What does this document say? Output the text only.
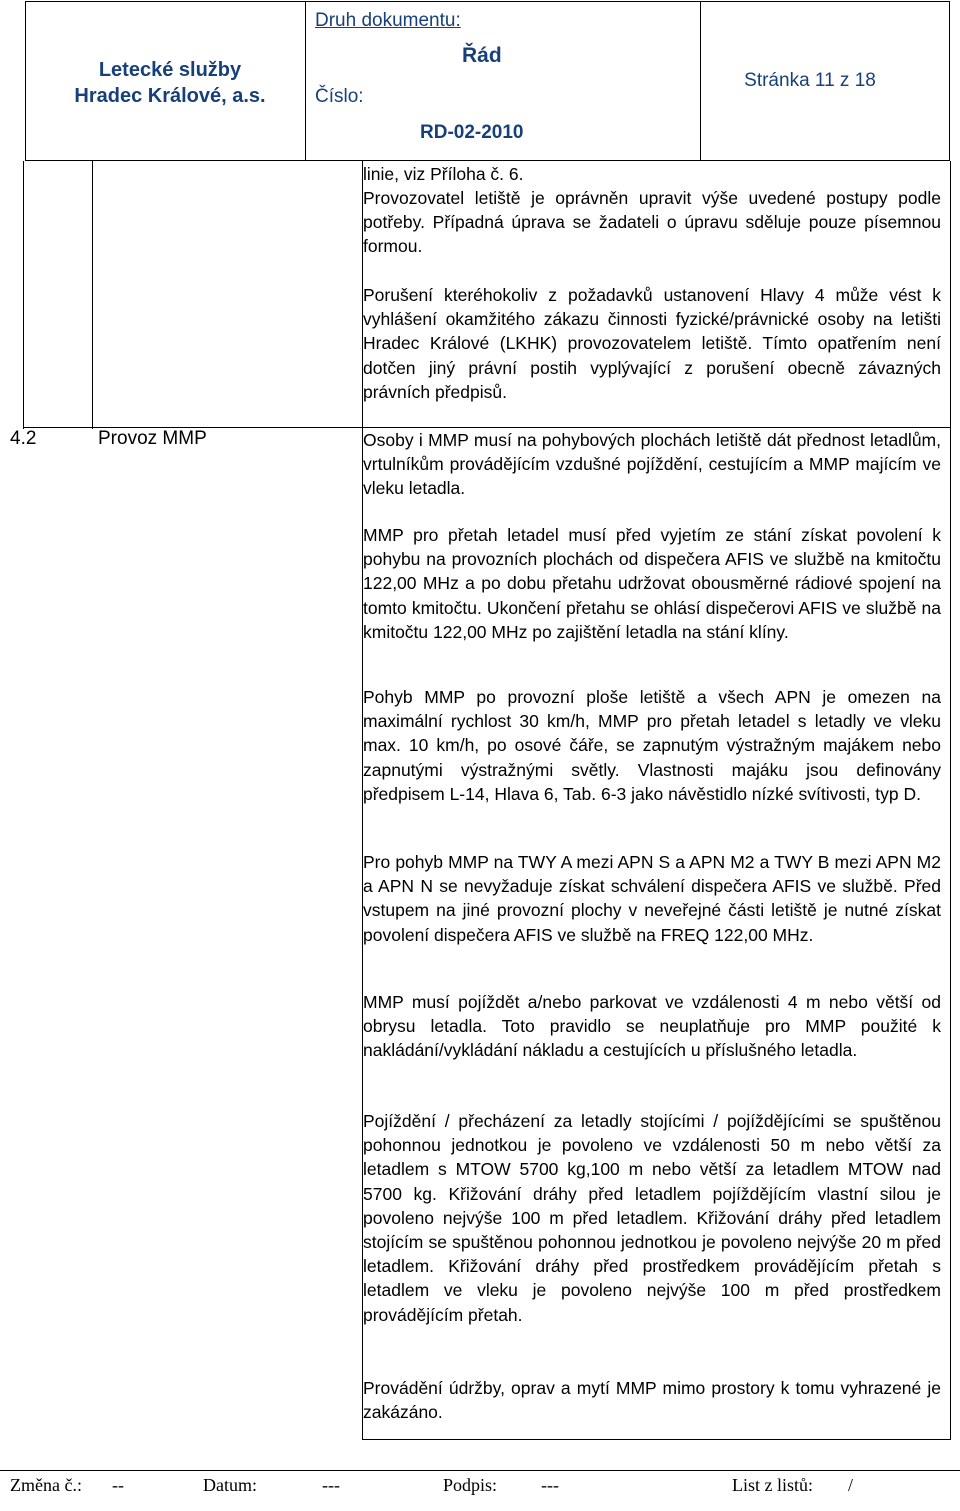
Letecké služby
Hradec Králové, a.s.
Druh dokumentu:
Řád
Číslo:
RD-02-2010
Stránka 11 z 18
linie, viz Příloha č. 6.
Provozovatel letiště je oprávněn upravit výše uvedené postupy podle potřeby. Případná úprava se žadateli o úpravu sděluje pouze písemnou formou.
Porušení kteréhokoliv z požadavků ustanovení Hlavy 4 může vést k vyhlášení okamžitého zákazu činnosti fyzické/právnické osoby na letišti Hradec Králové (LKHK) provozovatelem letiště. Tímto opatřením není dotčen jiný právní postih vyplývající z porušení obecně závazných právních předpisů.
4.2	Provoz MMP	Osoby i MMP musí na pohybových plochách letiště dát přednost letadlům, vrtulníkům provádějícím vzdušné pojíždění, cestujícím a MMP majícím ve vleku letadla.
MMP pro přetah letadel musí před vyjetím ze stání získat povolení k pohybu na provozních plochách od dispečera AFIS ve službě na kmitočtu 122,00 MHz a po dobu přetahu udržovat obousměrné rádiové spojení na tomto kmitočtu. Ukončení přetahu se ohlásí dispečerovi AFIS ve službě na kmitočtu 122,00 MHz po zajištění letadla na stání klíny.
Pohyb MMP po provozní ploše letiště a všech APN je omezen na maximální rychlost 30 km/h, MMP pro přetah letadel s letadly ve vleku max. 10 km/h, po osové čáře, se zapnutým výstražným majákem nebo zapnutými výstražnými světly. Vlastnosti majáku jsou definovány předpisem L-14, Hlava 6, Tab. 6-3 jako návěstidlo nízké svítivosti, typ D.
Pro pohyb MMP na TWY A mezi APN S a APN M2 a TWY B mezi APN M2 a APN N se nevyžaduje získat schválení dispečera AFIS ve službě. Před vstupem na jiné provozní plochy v neveřejné části letiště je nutné získat povolení dispečera AFIS ve službě na FREQ 122,00 MHz.
MMP musí pojíždět a/nebo parkovat ve vzdálenosti 4 m nebo větší od obrysu letadla. Toto pravidlo se neuplatňuje pro MMP použité k nakládání/vykládání nákladu a cestujících u příslušného letadla.
Pojíždění / přecházení za letadly stojícími / pojíždějícími se spuštěnou pohonnou jednotkou je povoleno ve vzdálenosti 50 m nebo větší za letadlem s MTOW 5700 kg,100 m nebo větší za letadlem MTOW nad 5700 kg. Křižování dráhy před letadlem pojíždějícím vlastní silou je povoleno nejvýše 100 m před letadlem. Křižování dráhy před letadlem stojícím se spuštěnou pohonnou jednotkou je povoleno nejvýše 20 m před letadlem. Křižování dráhy před prostředkem provádějícím přetah s letadlem ve vleku je povoleno nejvýše 100 m před prostředkem provádějícím přetah.
Provádění údržby, oprav a mytí MMP mimo prostory k tomu vyhrazené je zakázáno.
Změna č.: --	Datum:	---	Podpis: ---	List z listů: /
